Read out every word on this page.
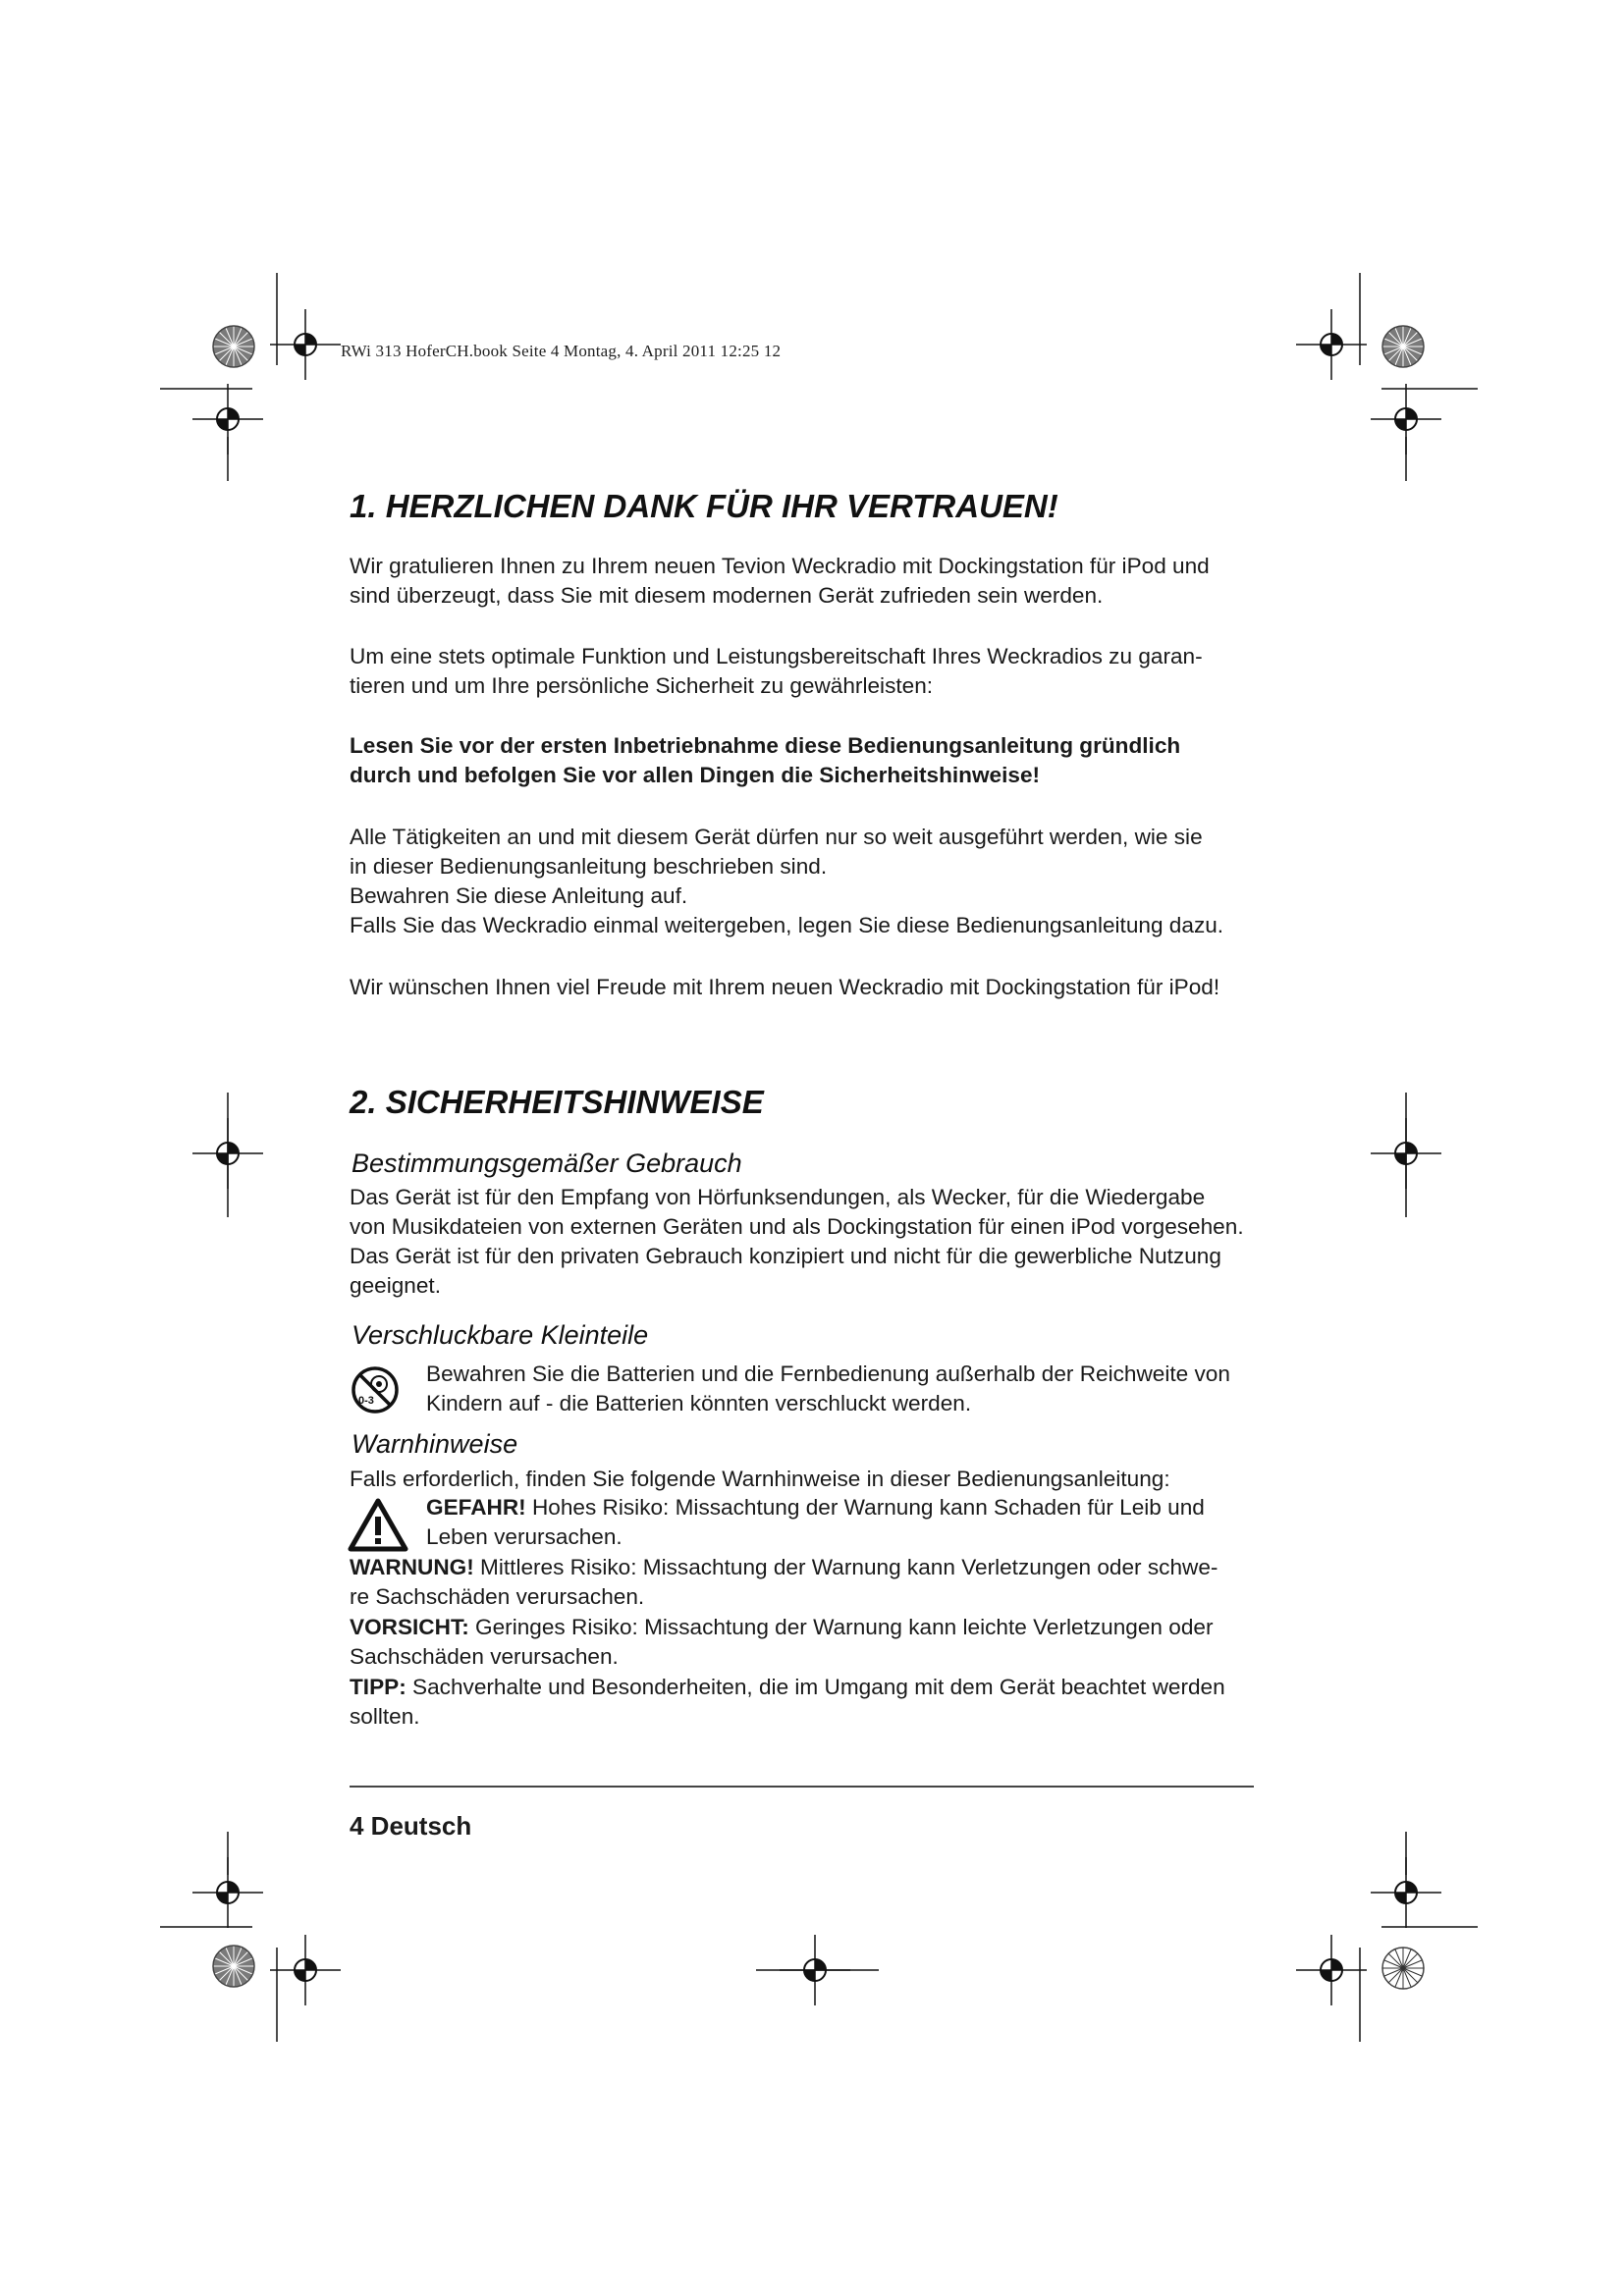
RWi 313 HoferCH.book Seite 4 Montag, 4. April 2011 12:25 12
1. HERZLICHEN DANK FÜR IHR VERTRAUEN!
Wir gratulieren Ihnen zu Ihrem neuen Tevion Weckradio mit Dockingstation für iPod und
sind überzeugt, dass Sie mit diesem modernen Gerät zufrieden sein werden.
Um eine stets optimale Funktion und Leistungsbereitschaft Ihres Weckradios zu garan-
tieren und um Ihre persönliche Sicherheit zu gewährleisten:
Lesen Sie vor der ersten Inbetriebnahme diese Bedienungsanleitung gründlich
durch und befolgen Sie vor allen Dingen die Sicherheitshinweise!
Alle Tätigkeiten an und mit diesem Gerät dürfen nur so weit ausgeführt werden, wie sie
in dieser Bedienungsanleitung beschrieben sind.
Bewahren Sie diese Anleitung auf.
Falls Sie das Weckradio einmal weitergeben, legen Sie diese Bedienungsanleitung dazu.
Wir wünschen Ihnen viel Freude mit Ihrem neuen Weckradio mit Dockingstation für iPod!
2. SICHERHEITSHINWEISE
Bestimmungsgemäßer Gebrauch
Das Gerät ist für den Empfang von Hörfunksendungen, als Wecker, für die Wiedergabe
von Musikdateien von externen Geräten und als Dockingstation für einen iPod vorgesehen.
Das Gerät ist für den privaten Gebrauch konzipiert und nicht für die gewerbliche Nutzung
geeignet.
Verschluckbare Kleinteile
0-3
Bewahren Sie die Batterien und die Fernbedienung außerhalb der Reichweite von
Kindern auf - die Batterien könnten verschluckt werden.
Warnhinweise
Falls erforderlich, finden Sie folgende Warnhinweise in dieser Bedienungsanleitung:
GEFAHR! Hohes Risiko: Missachtung der Warnung kann Schaden für Leib und
Leben verursachen.
WARNUNG! Mittleres Risiko: Missachtung der Warnung kann Verletzungen oder schwe-
re Sachschäden verursachen.
VORSICHT: Geringes Risiko: Missachtung der Warnung kann leichte Verletzungen oder
Sachschäden verursachen.
TIPP: Sachverhalte und Besonderheiten, die im Umgang mit dem Gerät beachtet werden
sollten.
4 Deutsch
